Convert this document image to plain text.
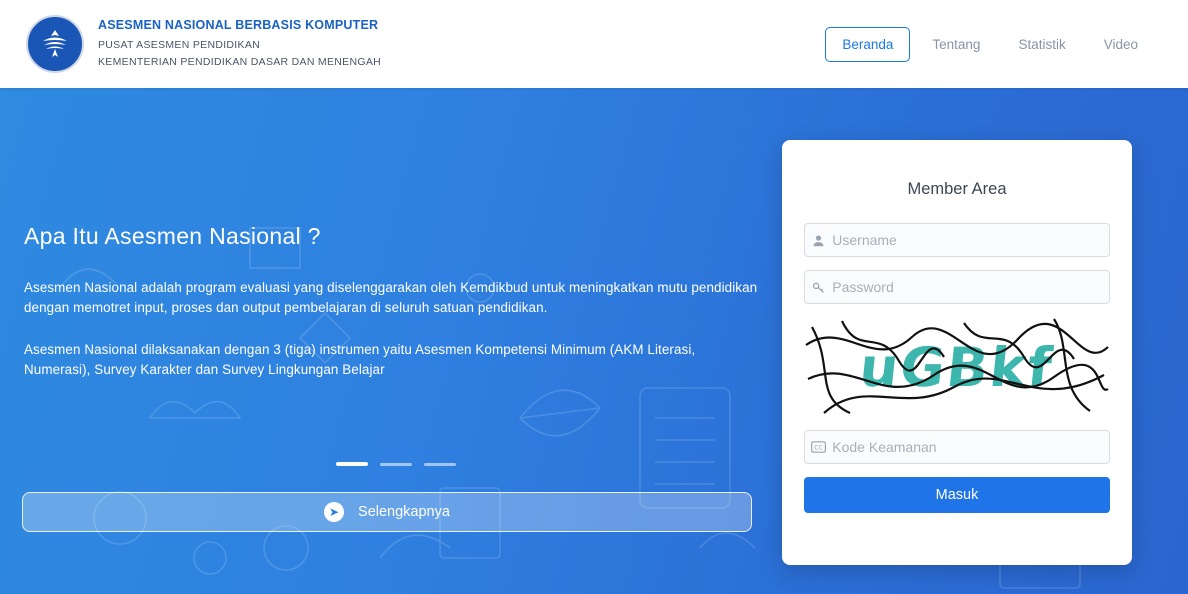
ASESMEN NASIONAL BERBASIS KOMPUTER
PUSAT ASESMEN PENDIDIKAN
KEMENTERIAN PENDIDIKAN DASAR DAN MENENGAH
Beranda	Tentang	Statistik	Video
Apa Itu Asesmen Nasional ?

Asesmen Nasional adalah program evaluasi yang diselenggarakan oleh Kemdikbud untuk meningkatkan mutu pendidikan dengan memotret input, proses dan output pembelajaran di seluruh satuan pendidikan.

Asesmen Nasional dilaksanakan dengan 3 (tiga) instrumen yaitu Asesmen Kompetensi Minimum (AKM Literasi, Numerasi), Survey Karakter dan Survey Lingkungan Belajar

➤	Selengkapnya
Member Area
Username
uGBkf
CC
Kode Keamanan
Masuk
